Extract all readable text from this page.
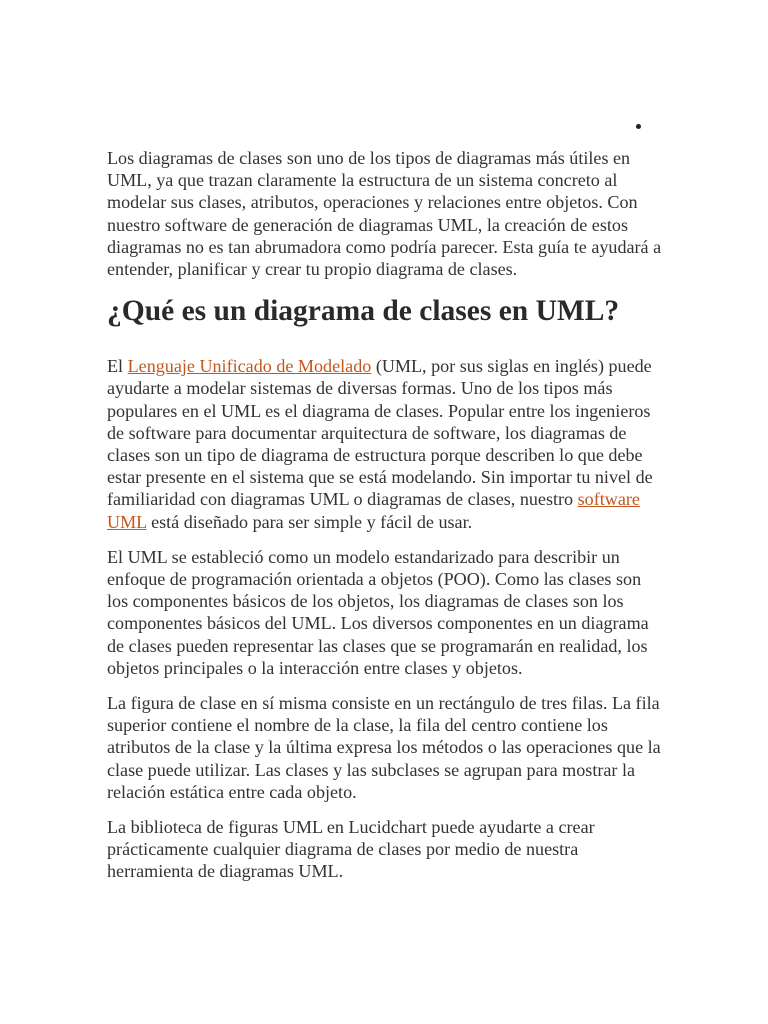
Los diagramas de clases son uno de los tipos de diagramas más útiles en UML, ya que trazan claramente la estructura de un sistema concreto al modelar sus clases, atributos, operaciones y relaciones entre objetos. Con nuestro software de generación de diagramas UML, la creación de estos diagramas no es tan abrumadora como podría parecer. Esta guía te ayudará a entender, planificar y crear tu propio diagrama de clases.

¿Qué es un diagrama de clases en UML?

El Lenguaje Unificado de Modelado (UML, por sus siglas en inglés) puede ayudarte a modelar sistemas de diversas formas. Uno de los tipos más populares en el UML es el diagrama de clases. Popular entre los ingenieros de software para documentar arquitectura de software, los diagramas de clases son un tipo de diagrama de estructura porque describen lo que debe estar presente en el sistema que se está modelando. Sin importar tu nivel de familiaridad con diagramas UML o diagramas de clases, nuestro software UML está diseñado para ser simple y fácil de usar.

El UML se estableció como un modelo estandarizado para describir un enfoque de programación orientada a objetos (POO). Como las clases son los componentes básicos de los objetos, los diagramas de clases son los componentes básicos del UML. Los diversos componentes en un diagrama de clases pueden representar las clases que se programarán en realidad, los objetos principales o la interacción entre clases y objetos.

La figura de clase en sí misma consiste en un rectángulo de tres filas. La fila superior contiene el nombre de la clase, la fila del centro contiene los atributos de la clase y la última expresa los métodos o las operaciones que la clase puede utilizar. Las clases y las subclases se agrupan para mostrar la relación estática entre cada objeto.

La biblioteca de figuras UML en Lucidchart puede ayudarte a crear prácticamente cualquier diagrama de clases por medio de nuestra herramienta de diagramas UML.
